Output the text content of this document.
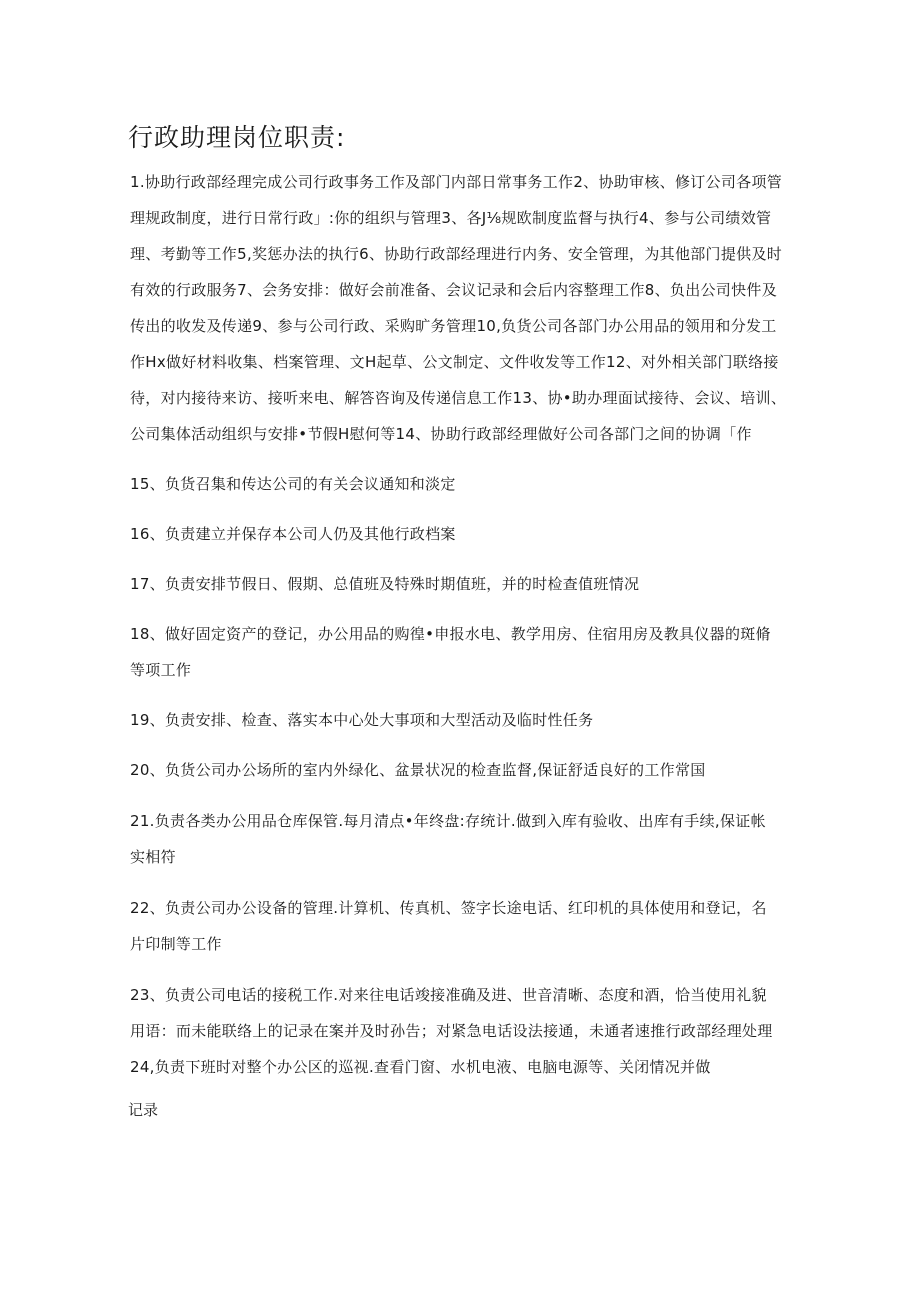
行政助理岗位职责:
1.协助行政部经理完成公司行政事务工作及部门内部日常事务工作2、协助审核、修订公司各项管
理规政制度，进行日常行政」:你的组织与管理3、各J⅛规欧制度监督与执行4、参与公司绩效管
理、考勤等工作5,奖惩办法的执行6、协助行政部经理进行内务、安全管理，为其他部门提供及时
有效的行政服务7、会务安排：做好会前准备、会议记录和会后内容整理工作8、负出公司快件及
传出的收发及传递9、参与公司行政、采购旷务管理10,负货公司各部门办公用品的领用和分发工
作Hx做好材料收集、档案管理、文H起草、公文制定、文件收发等工作12、对外相关部门联络接
待，对内接待来访、接听来电、解答咨询及传递信息工作13、协•助办理面试接待、会议、培训、
公司集体活动组织与安排•节假H慰何等14、协助行政部经理做好公司各部门之间的协调「作
15、负货召集和传达公司的有关会议通知和淡定
16、负责建立并保存本公司人仍及其他行政档案
17、负责安排节假日、假期、总值班及特殊时期值班，并的时检查值班情况
18、做好固定资产的登记，办公用品的购徨•申报水电、教学用房、住宿用房及教具仪器的斑脩
等项工作
19、负责安排、检查、落实本中心处大事项和大型活动及临时性任务
20、负货公司办公场所的室内外绿化、盆景状况的检查监督,保证舒适良好的工作常国
21.负责各类办公用品仓库保管.每月清点•年终盘:存统计.做到入库有验收、出库有手续,保证帐
实相符
22、负责公司办公设备的管理.计算机、传真机、签字长途电话、红印机的具体使用和登记，名
片印制等工作
23、负责公司电话的接税工作.对来往电话竣接准确及进、世音清晰、态度和酒，恰当使用礼貌
用语：而未能联络上的记录在案并及时孙告；对紧急电话设法接通，未通者速推行政部经理处理
24,负责下班时对整个办公区的巡视.查看门窗、水机电液、电脑电源等、关闭情况并做
记录
